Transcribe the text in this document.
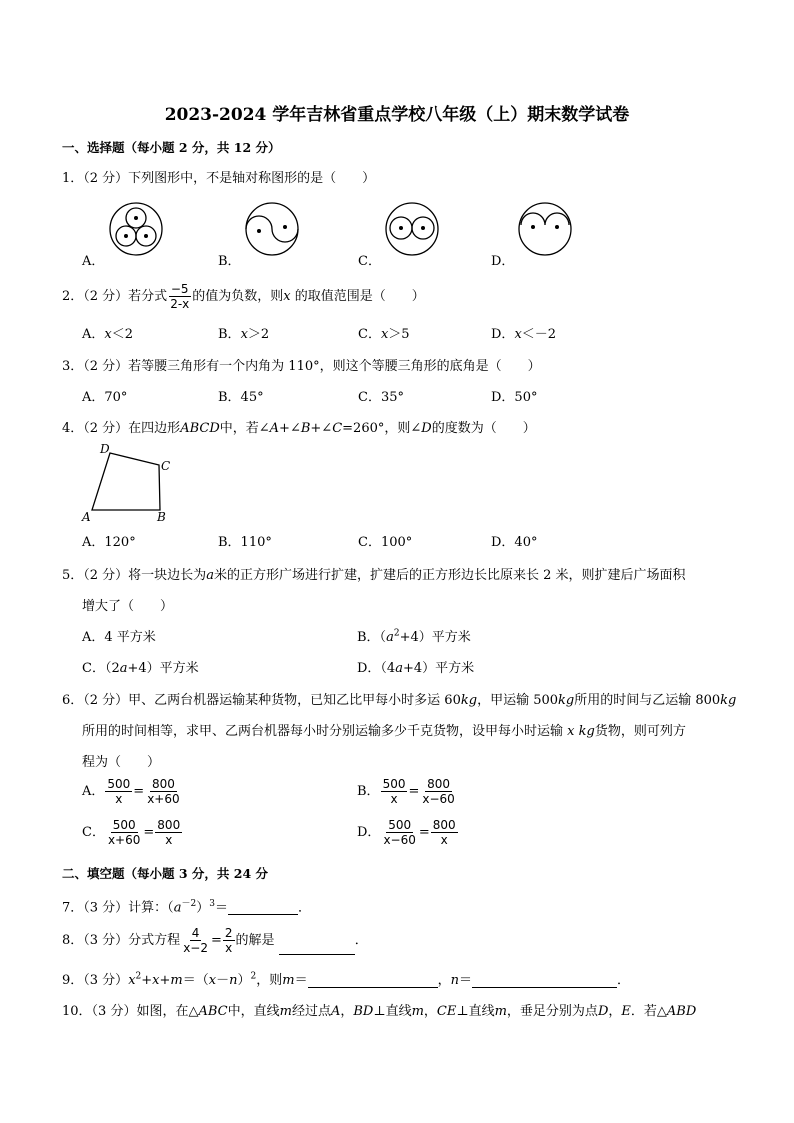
2023-2024 学年吉林省重点学校八年级（上）期末数学试卷
一、选择题（每小题 2 分，共 12 分）
1．（2 分）下列图形中，不是轴对称图形的是（　　）
A．	B．	C．	D．
2．（2 分）若分式 $\frac{-5}{2-x}$ 的值为负数，则x 的取值范围是（　　）
A．x＜2	B．x＞2	C．x＞5	D．x＜－2
3．（2 分）若等腰三角形有一个内角为 110°，则这个等腰三角形的底角是（　　）
A．70°	B．45°	C．35°	D．50°
4．（2 分）在四边形ABCD中，若∠A+∠B+∠C=260°，则∠D的度数为（　　）
D
C
A	B
A．120°	B．110°	C．100°	D．40°
5．（2 分）将一块边长为a米的正方形广场进行扩建，扩建后的正方形边长比原来长 2 米，则扩建后广场面积
增大了（　　）
A．4 平方米	B．$(a^2+4)$平方米
C．（2a+4）平方米	D．（4a+4）平方米
6．（2 分）甲、乙两台机器运输某种货物，已知乙比甲每小时多运 60kg，甲运输 500kg所用的时间与乙运输 800kg
所用的时间相等，求甲、乙两台机器每小时分别运输多少千克货物，设甲每小时运输 x kg货物，则可列方
程为（　　）
A． $\frac{500}{x} = \frac{800}{x+60}$	B． $\frac{500}{x} = \frac{800}{x-60}$
C． $\frac{500}{x+60} = \frac{800}{x}$	D． $\frac{500}{x-60} = \frac{800}{x}$
二、填空题（每小题 3 分，共 24 分
7．（3 分）计算：$(a^{-2})^3=$	．
8．（3 分）分式方程 $\frac{4}{x-2} = \frac{2}{x}$ 的解是	．
9．（3 分）$x^2+x+m=(x-n)^2$，则m＝	，n＝	．
10．（3 分）如图，在△ABC中，直线m经过点A，BD⊥直线m，CE⊥直线m，垂足分别为点D，E．若△ABD
